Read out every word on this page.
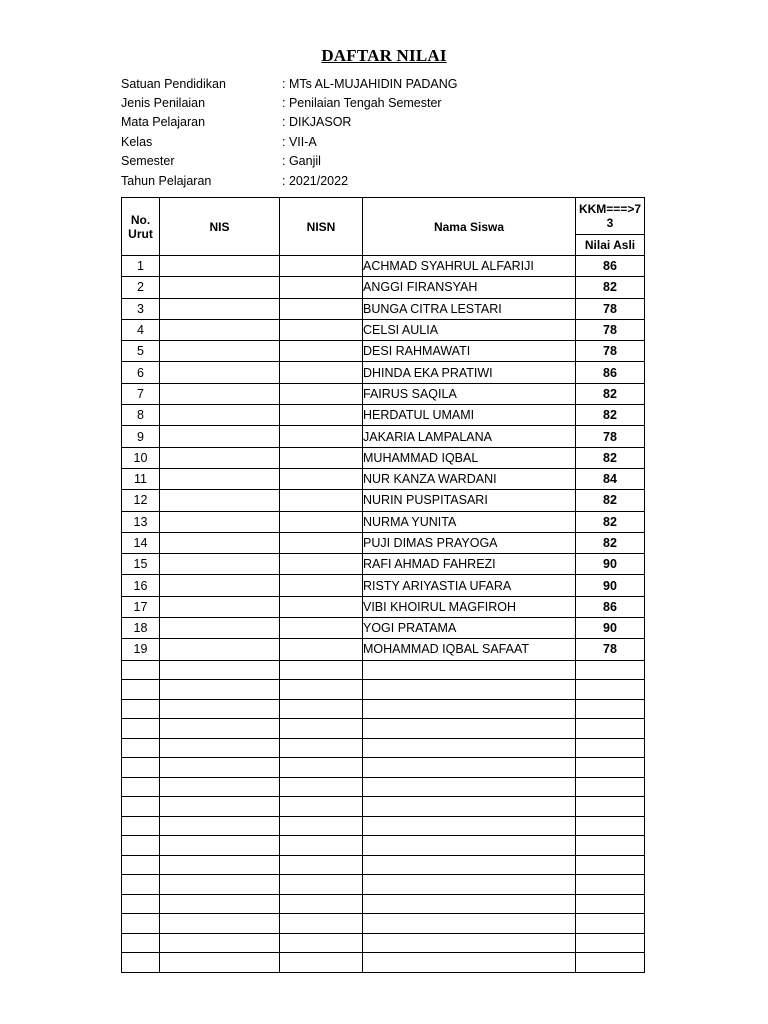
DAFTAR NILAI
Satuan Pendidikan	: MTs AL-MUJAHIDIN PADANG
Jenis Penilaian	: Penilaian Tengah Semester
Mata Pelajaran	: DIKJASOR
Kelas	: VII-A
Semester	: Ganjil
Tahun Pelajaran	: 2021/2022
No. Urut	NIS	NISN	Nama Siswa	KKM===>73
				Nilai Asli
1			ACHMAD SYAHRUL ALFARIJI	86
2			ANGGI FIRANSYAH	82
3			BUNGA CITRA LESTARI	78
4			CELSI AULIA	78
5			DESI RAHMAWATI	78
6			DHINDA EKA PRATIWI	86
7			FAIRUS SAQILA	82
8			HERDATUL UMAMI	82
9			JAKARIA LAMPALANA	78
10			MUHAMMAD IQBAL	82
11			NUR KANZA WARDANI	84
12			NURIN PUSPITASARI	82
13			NURMA YUNITA	82
14			PUJI DIMAS PRAYOGA	82
15			RAFI AHMAD FAHREZI	90
16			RISTY ARIYASTIA UFARA	90
17			VIBI KHOIRUL MAGFIROH	86
18			YOGI PRATAMA	90
19			MOHAMMAD IQBAL SAFAAT	78
